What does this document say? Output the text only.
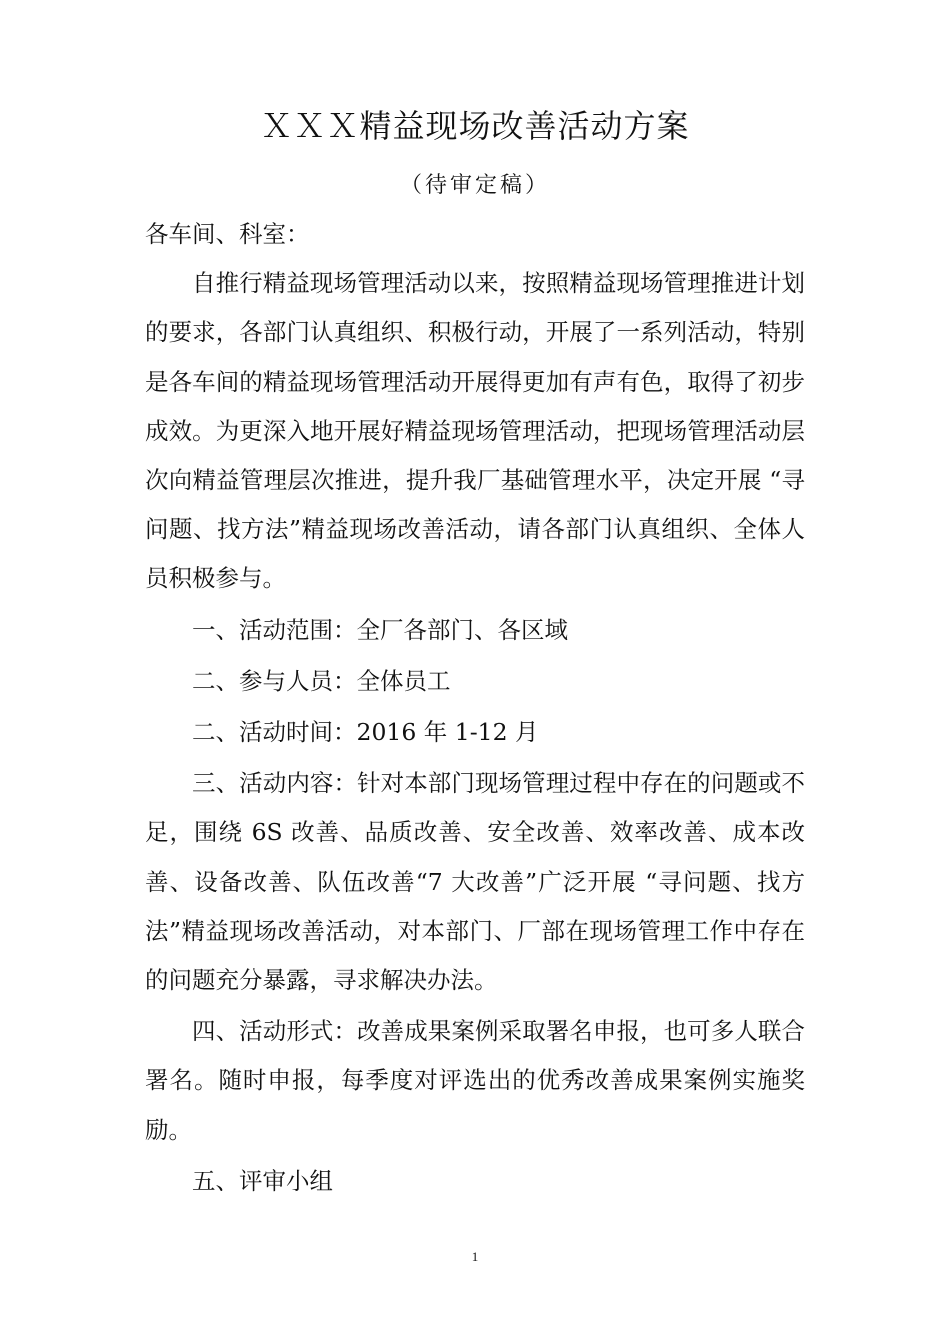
ＸＸＸ精益现场改善活动方案
（待审定稿）

各车间、科室：

自推行精益现场管理活动以来，按照精益现场管理推进计划的要求，各部门认真组织、积极行动，开展了一系列活动，特别是各车间的精益现场管理活动开展得更加有声有色，取得了初步成效。为更深入地开展好精益现场管理活动，把现场管理活动层次向精益管理层次推进，提升我厂基础管理水平，决定开展 “寻问题、找方法”精益现场改善活动，请各部门认真组织、全体人员积极参与。

一、活动范围：全厂各部门、各区域

二、参与人员：全体员工

二、活动时间：2016 年 1-12 月

三、活动内容：针对本部门现场管理过程中存在的问题或不足，围绕 6S 改善、品质改善、安全改善、效率改善、成本改善、设备改善、队伍改善“7 大改善”广泛开展 “寻问题、找方法”精益现场改善活动，对本部门、厂部在现场管理工作中存在的问题充分暴露，寻求解决办法。

四、活动形式：改善成果案例采取署名申报，也可多人联合署名。随时申报，每季度对评选出的优秀改善成果案例实施奖励。

五、评审小组

1
